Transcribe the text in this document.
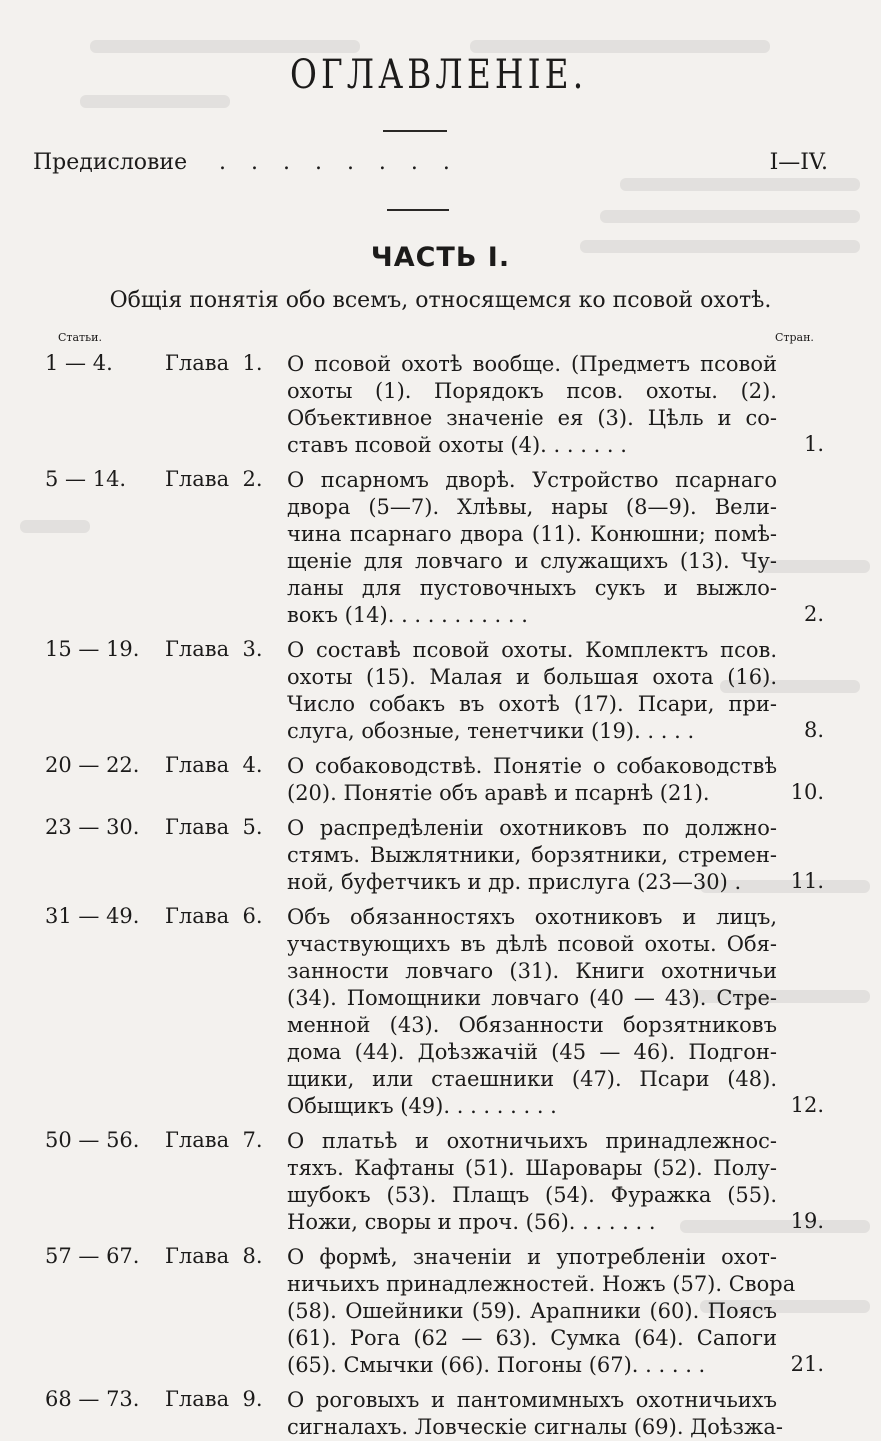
ОГЛАВЛЕНIЕ.
Предисловие . . . . . . . .	I—IV.
ЧАСТЬ I.
Общiя понятiя обо всемъ, относящемся ко псовой охотѣ.
Статьи.	Стран.
1 — 4. Глава  1. О псовой охотѣ вообще. (Предметъ псовой
охоты (1). Порядокъ псов. охоты. (2).
Объективное значенiе ея (3). Цѣль и со-
ставъ псовой охоты (4). . . . . . .	1.
5 — 14. Глава  2. О псарномъ дворѣ. Устройство псарнаго
двора (5—7). Хлѣвы, нары (8—9). Вели-
чина псарнаго двора (11). Конюшни; помѣ-
щенiе для ловчаго и служащихъ (13). Чу-
ланы для пустовочныхъ сукъ и выжло-
вокъ (14). . . . . . . . . . .	2.
15 — 19. Глава  3. О составѣ псовой охоты. Комплектъ псов.
охоты (15). Малая и большая охота (16).
Число собакъ въ охотѣ (17). Псари, при-
слуга, обозные, тенетчики (19). . . . .	8.
20 — 22. Глава  4. О собаководствѣ. Понятiе о собаководствѣ
(20). Понятiе объ аравѣ и псарнѣ (21).	10.
23 — 30. Глава  5. О распредѣленiи охотниковъ по должно-
стямъ. Выжлятники, борзятники, стремен-
ной, буфетчикъ и др. прислуга (23—30) .	11.
31 — 49. Глава  6. Объ обязанностяхъ охотниковъ и лицъ,
участвующихъ въ дѣлѣ псовой охоты. Обя-
занности ловчаго (31). Книги охотничьи
(34). Помощники ловчаго (40 — 43). Стре-
менной (43). Обязанности борзятниковъ
дома (44). Доѣзжачiй (45 — 46). Подгон-
щики, или стаешники (47). Псари (48).
Обыщикъ (49). . . . . . . . .	12.
50 — 56. Глава  7. О платьѣ и охотничьихъ принадлежнос-
тяхъ. Кафтаны (51). Шаровары (52). Полу-
шубокъ (53). Плащъ (54). Фуражка (55).
Ножи, своры и проч. (56). . . . . . .	19.
57 — 67. Глава  8. О формѣ, значенiи и употребленiи охот-
ничьихъ принадлежностей. Ножъ (57). Свора
(58). Ошейники (59). Арапники (60). Поясъ
(61). Рога (62 — 63). Сумка (64). Сапоги
(65). Смычки (66). Погоны (67). . . . . .	21.
68 — 73. Глава  9. О роговыхъ и пантомимныхъ охотничьихъ
сигналахъ. Ловческiе сигналы (69). Доѣзжа-
